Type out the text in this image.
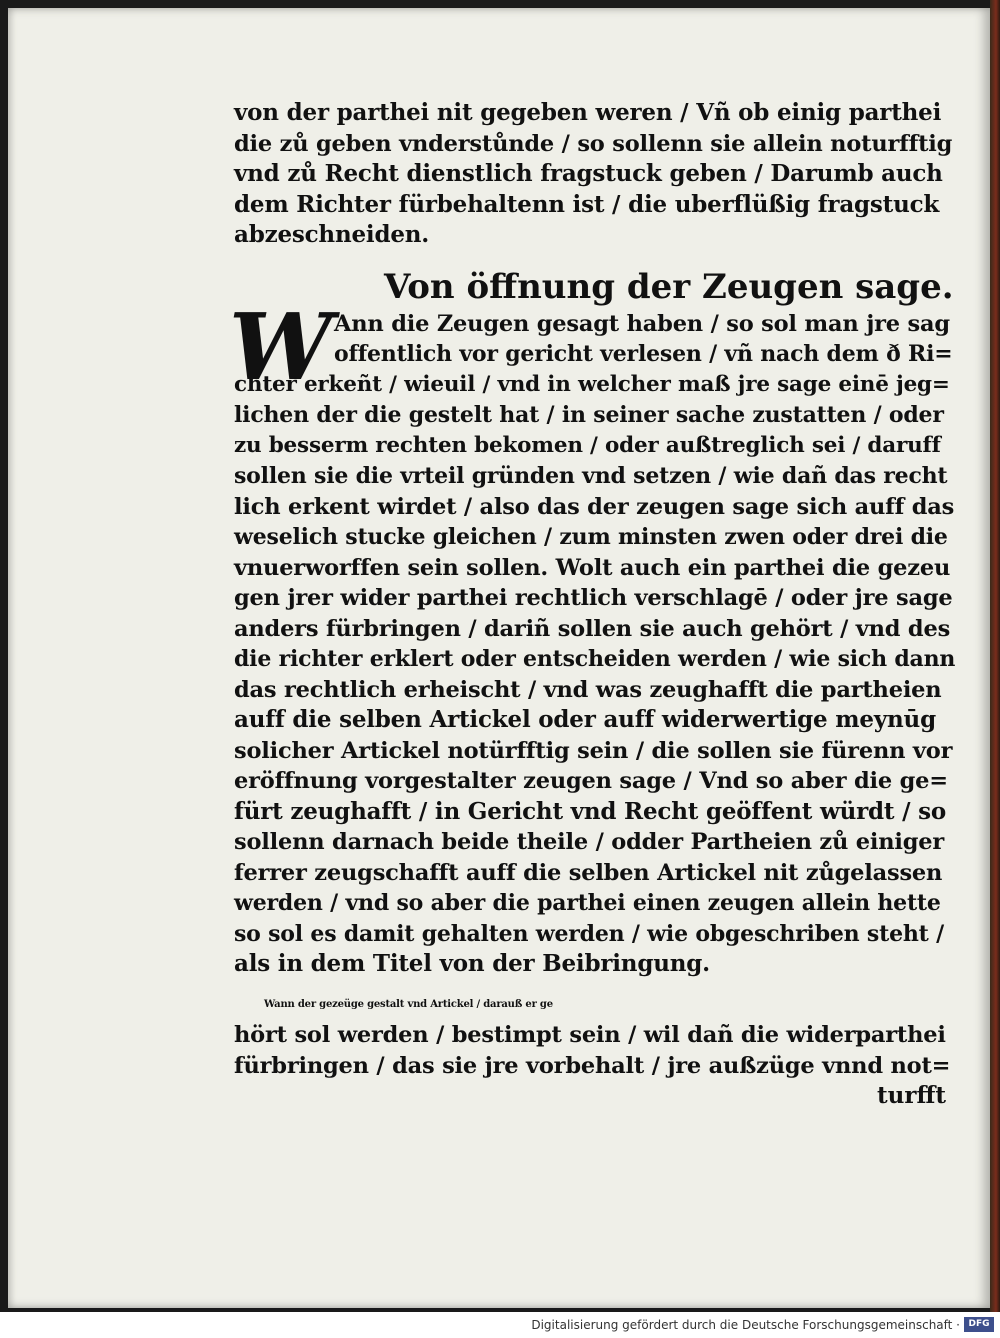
von der parthei nit gegeben weren / Vñ ob einig parthei
die zů geben vnderstůnde / so sollenn sie allein noturfftig
vnd zů Recht dienstlich fragstuck geben / Darumb auch
dem Richter fürbehaltenn ist / die uberflüßig fragstuck
abzeschneiden.
Von öffnung der Zeugen sage.
W Ann die Zeugen gesagt haben / so sol man jre sag
offentlich vor gericht verlesen / vñ nach dem ð Ri=
chter erkeñt / wieuil / vnd in welcher maß jre sage einē jeg=
lichen der die gestelt hat / in seiner sache zustatten / oder
zu besserm rechten bekomen / oder außtreglich sei / daruff
sollen sie die vrteil gründen vnd setzen / wie dañ das recht
lich erkent wirdet / also das der zeugen sage sich auff das
weselich stucke gleichen / zum minsten zwen oder drei die
vnuerworffen sein sollen. Wolt auch ein parthei die gezeu
gen jrer wider parthei rechtlich verschlagē / oder jre sage
anders fürbringen / dariñ sollen sie auch gehört / vnd des
die richter erklert oder entscheiden werden / wie sich dann
das rechtlich erheischt / vnd was zeughafft die partheien
auff die selben Artickel oder auff widerwertige meynūg
solicher Artickel notürfftig sein / die sollen sie fürenn vor
eröffnung vorgestalter zeugen sage / Vnd so aber die ge=
fürt zeughafft / in Gericht vnd Recht geöffent würdt / so
sollenn darnach beide theile / odder Partheien zů einiger
ferrer zeugschafft auff die selben Artickel nit zůgelassen
werden / vnd so aber die parthei einen zeugen allein hette
so sol es damit gehalten werden / wie obgeschriben steht /
als in dem Titel von der Beibringung.
Wann der gezeüge gestalt vnd Artickel / darauß er ge
hört sol werden / bestimpt sein / wil dañ die widerparthei
fürbringen / das sie jre vorbehalt / jre außzüge vnnd not=
turfft
Digitalisierung gefördert durch die Deutsche Forschungsgemeinschaft · DFG
